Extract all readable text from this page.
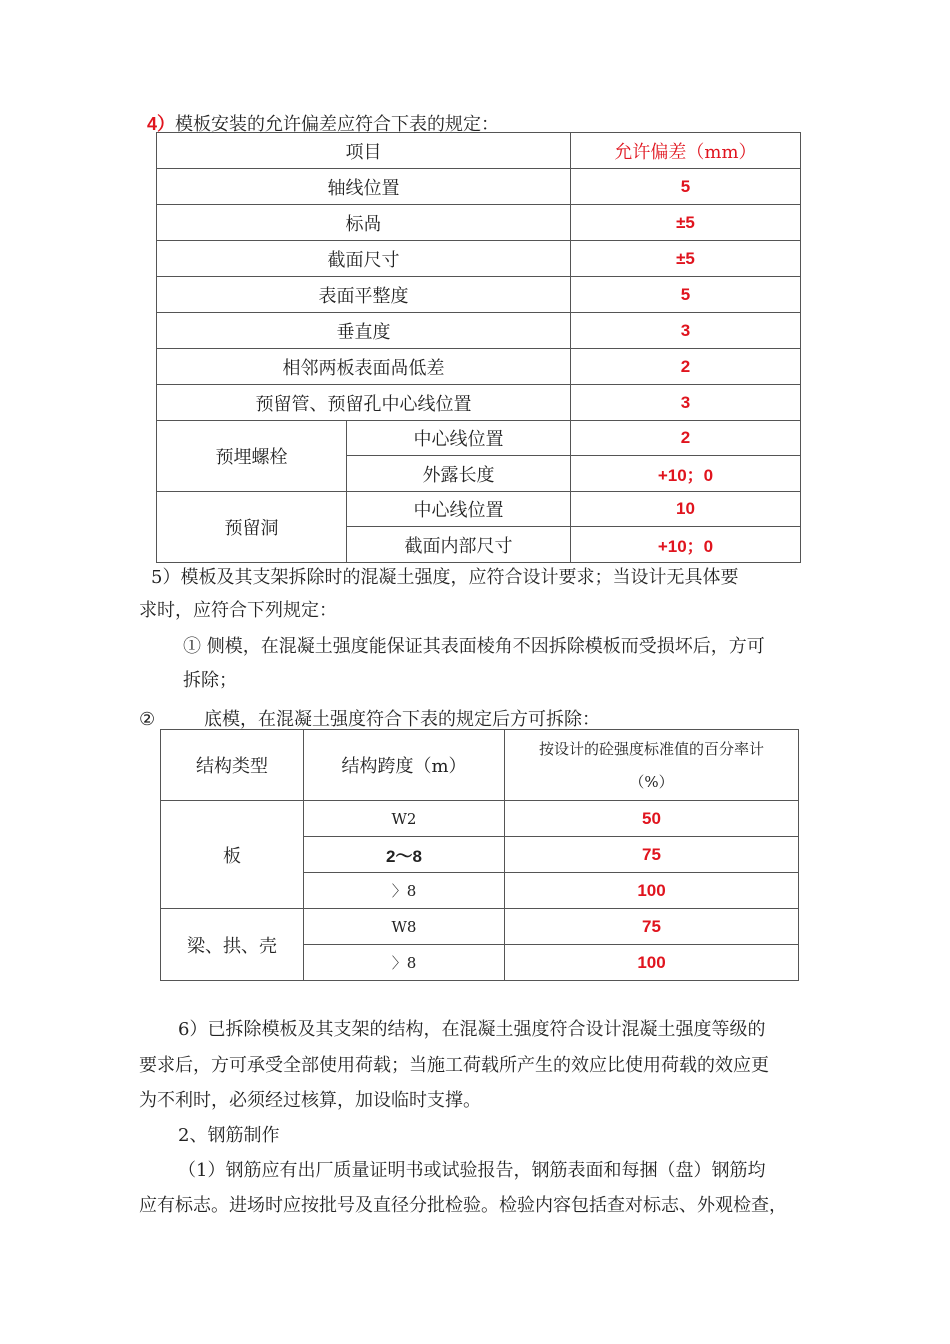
4）模板安装的允许偏差应符合下表的规定：
项目		允许偏差（mm）
轴线位置		5
标咼		±5
截面尺寸		±5
表面平整度		5
垂直度		3
相邻两板表面咼低差		2
预留管、预留孔中心线位置		3
预埋螺栓	中心线位置	2
	外露长度	+10；0
预留洞	中心线位置	10
	截面内部尺寸	+10；0
5）模板及其支架拆除时的混凝土强度，应符合设计要求；当设计无具体要
求时，应符合下列规定：
① 侧模，在混凝土强度能保证其表面棱角不因拆除模板而受损坏后，方可
拆除；
②	底模，在混凝土强度符合下表的规定后方可拆除：
结构类型	结构跨度（m）	按设计的砼强度标准值的百分率计
（%）

板	W2	50
	2〜8	75
	〉8	100
梁、拱、壳	W8	75
	〉8	100
6）已拆除模板及其支架的结构，在混凝土强度符合设计混凝土强度等级的
要求后，方可承受全部使用荷载；当施工荷载所产生的效应比使用荷载的效应更
为不利时，必须经过核算，加设临时支撑。
2、钢筋制作
（1）钢筋应有出厂质量证明书或试验报告，钢筋表面和每捆（盘）钢筋均
应有标志。进场时应按批号及直径分批检验。检验内容包括查对标志、外观检查，
